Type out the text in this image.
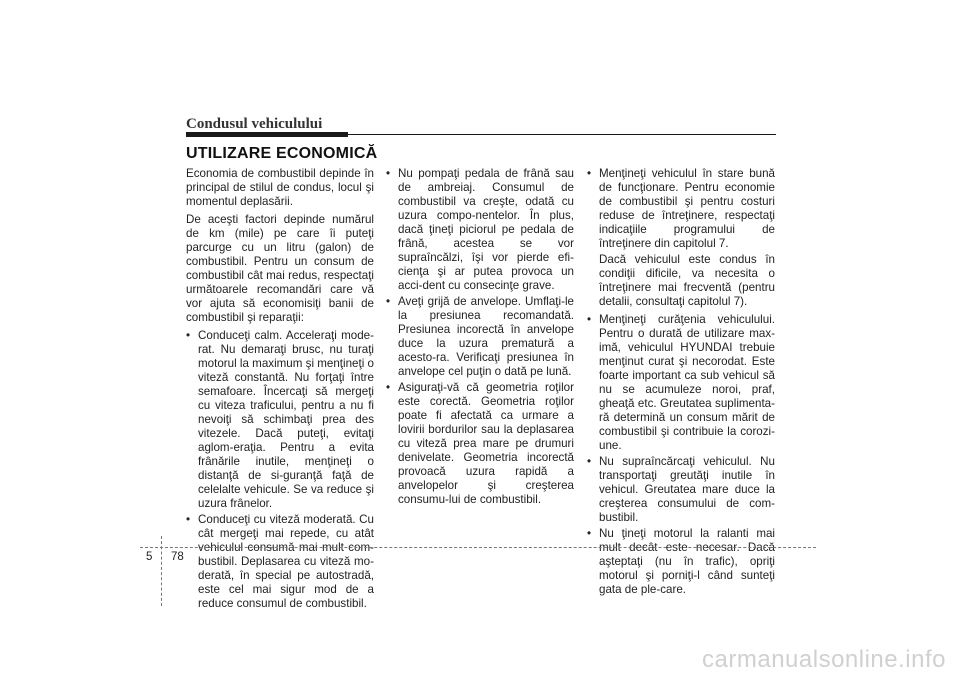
Condusul vehiculului
UTILIZARE ECONOMICĂ

Economia de combustibil depinde în principal de stilul de condus, locul şi momentul deplasării.

De aceşti factori depinde numărul de km (mile) pe care îi puteţi parcurge cu un litru (galon) de combustibil. Pentru un consum de combustibil cât mai redus, respectaţi următoarele recomandări care vă vor ajuta să economisiţi banii de combustibil şi reparaţii:

• Conduceţi calm. Acceleraţi mode-rat. Nu demaraţi brusc, nu turaţi motorul la maximum şi menţineţi o viteză constantă. Nu forţaţi între semafoare. Încercaţi să mergeţi cu viteza traficului, pentru a nu fi nevoiţi să schimbaţi prea des vitezele. Dacă puteţi, evitaţi aglom-eraţia. Pentru a evita frânările inutile, menţineţi o distanţă de si-guranţă faţă de celelalte vehicule. Se va reduce şi uzura frânelor.
• Conduceţi cu viteză moderată. Cu cât mergeţi mai repede, cu atât vehiculul consumă mai mult com-bustibil. Deplasarea cu viteză mo-derată, în special pe autostradă, este cel mai sigur mod de a reduce consumul de combustibil.
• Nu pompaţi pedala de frână sau de ambreiaj. Consumul de combustibil va creşte, odată cu uzura compo-nentelor. În plus, dacă ţineţi piciorul pe pedala de frână, acestea se vor supraîncălzi, îşi vor pierde efi-cienţa şi ar putea provoca un acci-dent cu consecinţe grave.
• Aveţi grijă de anvelope. Umflaţi-le la presiunea recomandată. Presiunea incorectă în anvelope duce la uzura prematură a acesto-ra. Verificaţi presiunea în anvelope cel puţin o dată pe lună.
• Asiguraţi-vă că geometria roţilor este corectă. Geometria roţilor poate fi afectată ca urmare a lovirii bordurilor sau la deplasarea cu viteză prea mare pe drumuri denivelate. Geometria incorectă provoacă uzura rapidă a anvelopelor şi creşterea consumu-lui de combustibil.
• Menţineţi vehiculul în stare bună de funcţionare. Pentru economie de combustibil şi pentru costuri reduse de întreţinere, respectaţi indicaţiile programului de întreţinere din capitolul 7.

Dacă vehiculul este condus în condiţii dificile, va necesita o întreţinere mai frecventă (pentru detalii, consultaţi capitolul 7).

• Menţineţi curăţenia vehiculului. Pentru o durată de utilizare max-imă, vehiculul HYUNDAI trebuie menţinut curat şi necorodat. Este foarte important ca sub vehicul să nu se acumuleze noroi, praf, gheaţă etc. Greutatea suplimenta-ră determină un consum mărit de combustibil şi contribuie la corozi-une.
• Nu supraîncărcaţi vehiculul. Nu transportaţi greutăţi inutile în vehicul. Greutatea mare duce la creşterea consumului de com-bustibil.
• Nu ţineţi motorul la ralanti mai mult decât este necesar. Dacă aşteptaţi (nu în trafic), opriţi motorul şi porniţi-l când sunteţi gata de ple-care.
5 78
carmanualsonline.info
